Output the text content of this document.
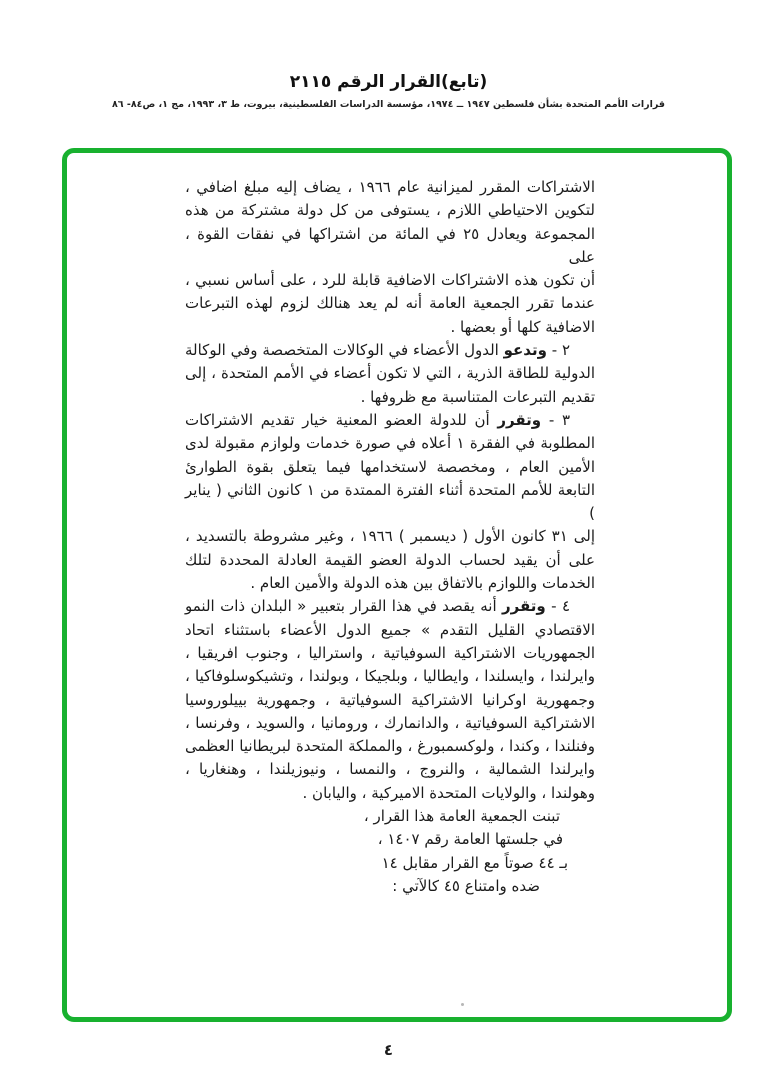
(تابع)القرار الرقم ٢١١٥
قرارات الأمم المتحدة بشأن فلسطين ١٩٤٧ ــ ١٩٧٤، مؤسسة الدراسات الفلسطينية، بيروت، ط ٣، ١٩٩٣، مج ١، ص٨٤- ٨٦
الاشتراكات المقرر لميزانية عام ١٩٦٦ ، يضاف إليه مبلغ اضافي ،
لتكوين الاحتياطي اللازم ، يستوفى من كل دولة مشتركة من هذه
المجموعة ويعادل ٢٥ في المائة من اشتراكها في نفقات القوة ، على
أن تكون هذه الاشتراكات الاضافية قابلة للرد ، على أساس نسبي ،
عندما تقرر الجمعية العامة أنه لم يعد هنالك لزوم لهذه التبرعات
الاضافية كلها أو بعضها .
٢ - وتدعو الدول الأعضاء في الوكالات المتخصصة وفي الوكالة
الدولية للطاقة الذرية ، التي لا تكون أعضاء في الأمم المتحدة ، إلى
تقديم التبرعات المتناسبة مع ظروفها .
٣ - وتقرر أن للدولة العضو المعنية خيار تقديم الاشتراكات
المطلوبة في الفقرة ١ أعلاه في صورة خدمات ولوازم مقبولة لدى
الأمين العام ، ومخصصة لاستخدامها فيما يتعلق بقوة الطوارئ
التابعة للأمم المتحدة أثناء الفترة الممتدة من ١ كانون الثاني ( يناير )
إلى ٣١ كانون الأول ( ديسمبر ) ١٩٦٦ ، وغير مشروطة بالتسديد ،
على أن يقيد لحساب الدولة العضو القيمة العادلة المحددة لتلك
الخدمات واللوازم بالاتفاق بين هذه الدولة والأمين العام .
٤ - وتقرر أنه يقصد في هذا القرار بتعبير « البلدان ذات النمو
الاقتصادي القليل التقدم » جميع الدول الأعضاء باستثناء اتحاد
الجمهوريات الاشتراكية السوفياتية ، واستراليا ، وجنوب افريقيا ،
وايرلندا ، وايسلندا ، وايطاليا ، وبلجيكا ، وبولندا ، وتشيكوسلوفاكيا ،
وجمهورية اوكرانيا الاشتراكية السوفياتية ، وجمهورية بييلوروسيا
الاشتراكية السوفياتية ، والدانمارك ، ورومانيا ، والسويد ، وفرنسا ،
وفنلندا ، وكندا ، ولوكسمبورغ ، والمملكة المتحدة لبريطانيا العظمى
وايرلندا الشمالية ، والنروج ، والنمسا ، ونيوزيلندا ، وهنغاريا ،
وهولندا ، والولايات المتحدة الاميركية ، واليابان .
تبنت الجمعية العامة هذا القرار ،
في جلستها العامة رقم ١٤٠٧ ،
بـ ٤٤ صوتاً مع القرار مقابل ١٤
ضده وامتناع ٤٥ كالآتي :
٤
